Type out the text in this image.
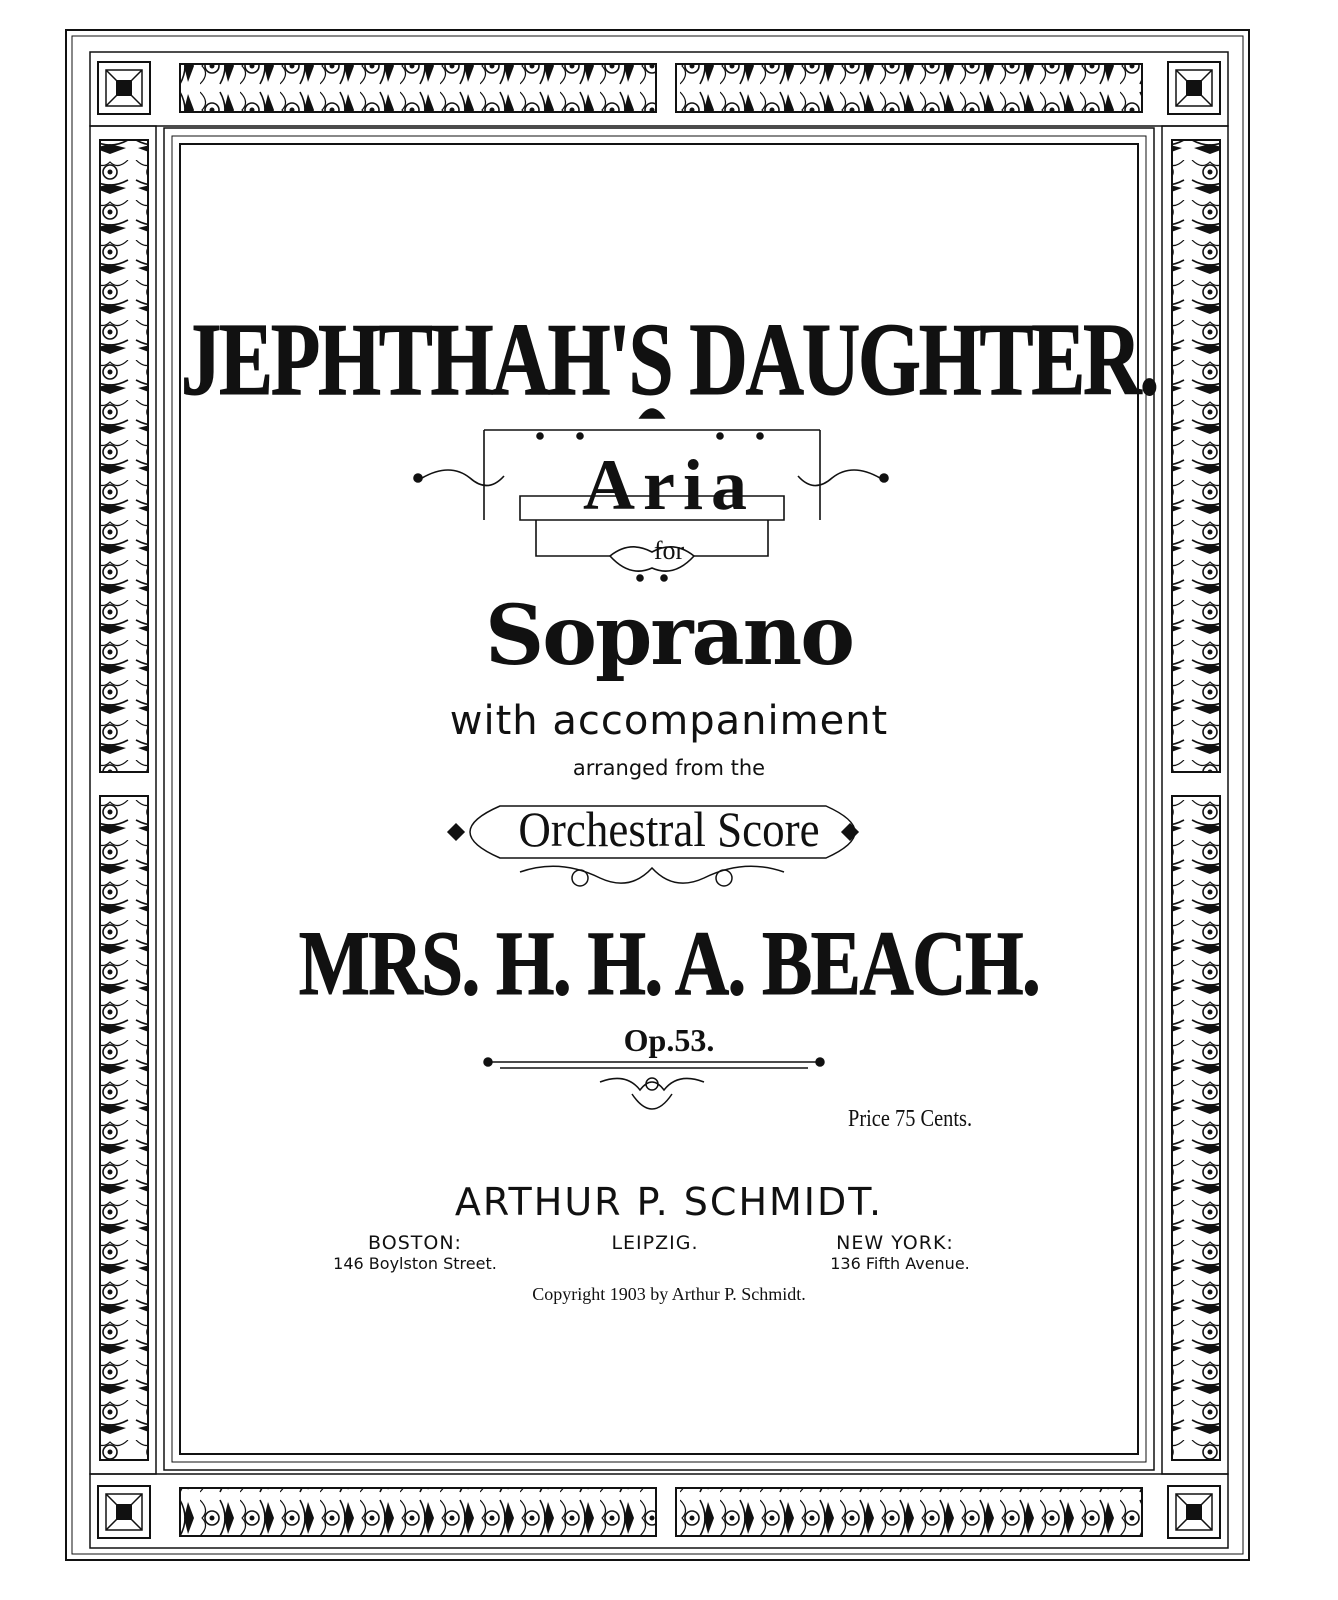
JEPHTHAH'S DAUGHTER.
Aria
for
Soprano
with accompaniment
arranged from the
Orchestral Score
MRS. H. H. A. BEACH.
Op.53.
Price 75 Cents.
ARTHUR P. SCHMIDT.
BOSTON:
146 Boylston Street.
LEIPZIG.	NEW YORK:
136 Fifth Avenue.
Copyright 1903 by Arthur P. Schmidt.
